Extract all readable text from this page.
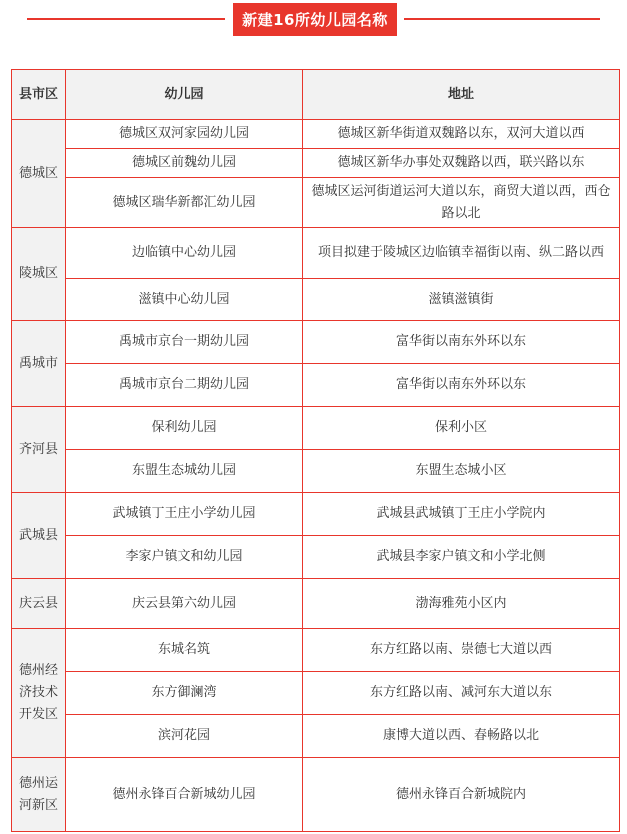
新建16所幼儿园名称
县市区	幼儿园	地址
德城区	德城区双河家园幼儿园	德城区新华街道双魏路以东，双河大道以西
	德城区前魏幼儿园	德城区新华办事处双魏路以西，联兴路以东
	德城区瑞华新都汇幼儿园	德城区运河街道运河大道以东，商贸大道以西，西仓路以北
陵城区	边临镇中心幼儿园	项目拟建于陵城区边临镇幸福街以南、纵二路以西
	滋镇中心幼儿园	滋镇滋镇街
禹城市	禹城市京台一期幼儿园	富华街以南东外环以东
	禹城市京台二期幼儿园	富华街以南东外环以东
齐河县	保利幼儿园	保利小区
	东盟生态城幼儿园	东盟生态城小区
武城县	武城镇丁王庄小学幼儿园	武城县武城镇丁王庄小学院内
	李家户镇文和幼儿园	武城县李家户镇文和小学北侧
庆云县	庆云县第六幼儿园	渤海雅苑小区内
德州经济技术开发区	东城名筑	东方红路以南、崇德七大道以西
	东方御澜湾	东方红路以南、减河东大道以东
	滨河花园	康博大道以西、春畅路以北
德州运河新区	德州永锋百合新城幼儿园	德州永锋百合新城院内
